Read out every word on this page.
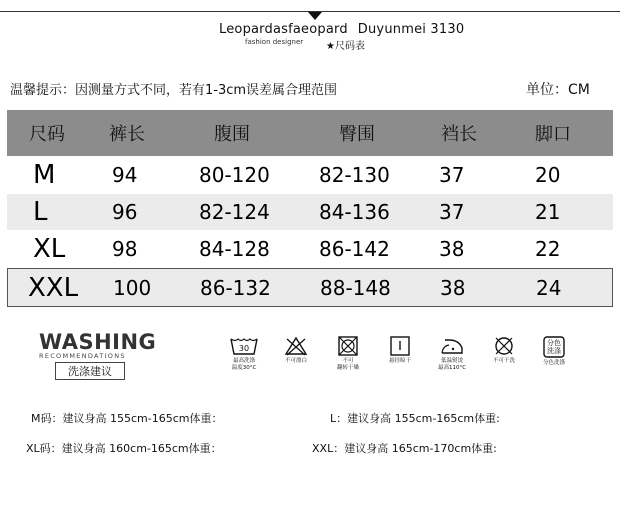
Leopardasfaeopard Duyunmei 3130
fashion designer ★尺码表
温馨提示：因测量方式不同，若有1-3cm误差属合理范围	单位：CM
尺码 裤长	腹围	臀围	裆长	脚口
M	94	80-120 82-130 37	20
L	96	82-124 84-136 37	21
XL 98	84-128 86-142 38	22
XXL 100 86-132 88-148 38	24
WASHING
RECOMMENDATIONS
洗涤建议
30
最高洗涤
温度30°C
不可漂白	不可
翻转干燥
悬挂晾干	低温熨烫
最高110°C
不可干洗
分色
洗涤
分色洗涤
M码：建议身高 155cm-165cm体重：	L：建议身高 155cm-165cm体重:
XL码：建议身高 160cm-165cm体重：	XXL：建议身高 165cm-170cm体重:
